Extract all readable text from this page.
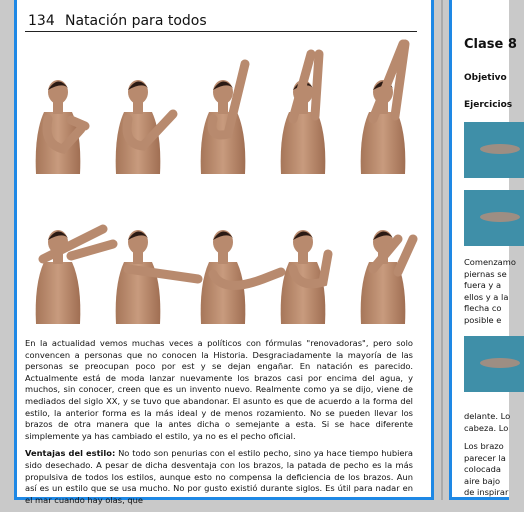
134 Natación para todos

En la actualidad vemos muchas veces a políticos con fórmulas "renovadoras", pero solo convencen a personas que no conocen la Historia. Desgraciadamente la mayoría de las personas se preocupan poco por est y se dejan engañar. En natación es parecido. Actualmente está de moda lanzar nuevamente los brazos casi por encima del agua, y muchos, sin conocer, creen que es un invento nuevo. Realmente como ya se dijo, viene de mediados del siglo XX, y se tuvo que abandonar. El asunto es que de acuerdo a la forma del estilo, la anterior forma es la más ideal y de menos rozamiento. No se pueden llevar los brazos de otra manera que la antes dicha o semejante a esta. Si se hace diferente simplemente ya has cambiado el estilo, ya no es el pecho oficial.

Ventajas del estilo: No todo son penurias con el estilo pecho, sino ya hace tiempo hubiera sido desechado. A pesar de dicha desventaja con los brazos, la patada de pecho es la más propulsiva de todos los estilos, aunque esto no compensa la deficiencia de los brazos. Aun así es un estilo que se usa mucho. No por gusto existió durante siglos. Es útil para nadar en el mar cuando hay olas, que

Clase 8
Objetivo
Ejercicios
Comenzamo
piernas se
fuera y a
ellos y a la
flecha co
posible e
delante. Lo
cabeza. Lo
Los brazo
parecer la
colocada
aire bajo
de inspirar
